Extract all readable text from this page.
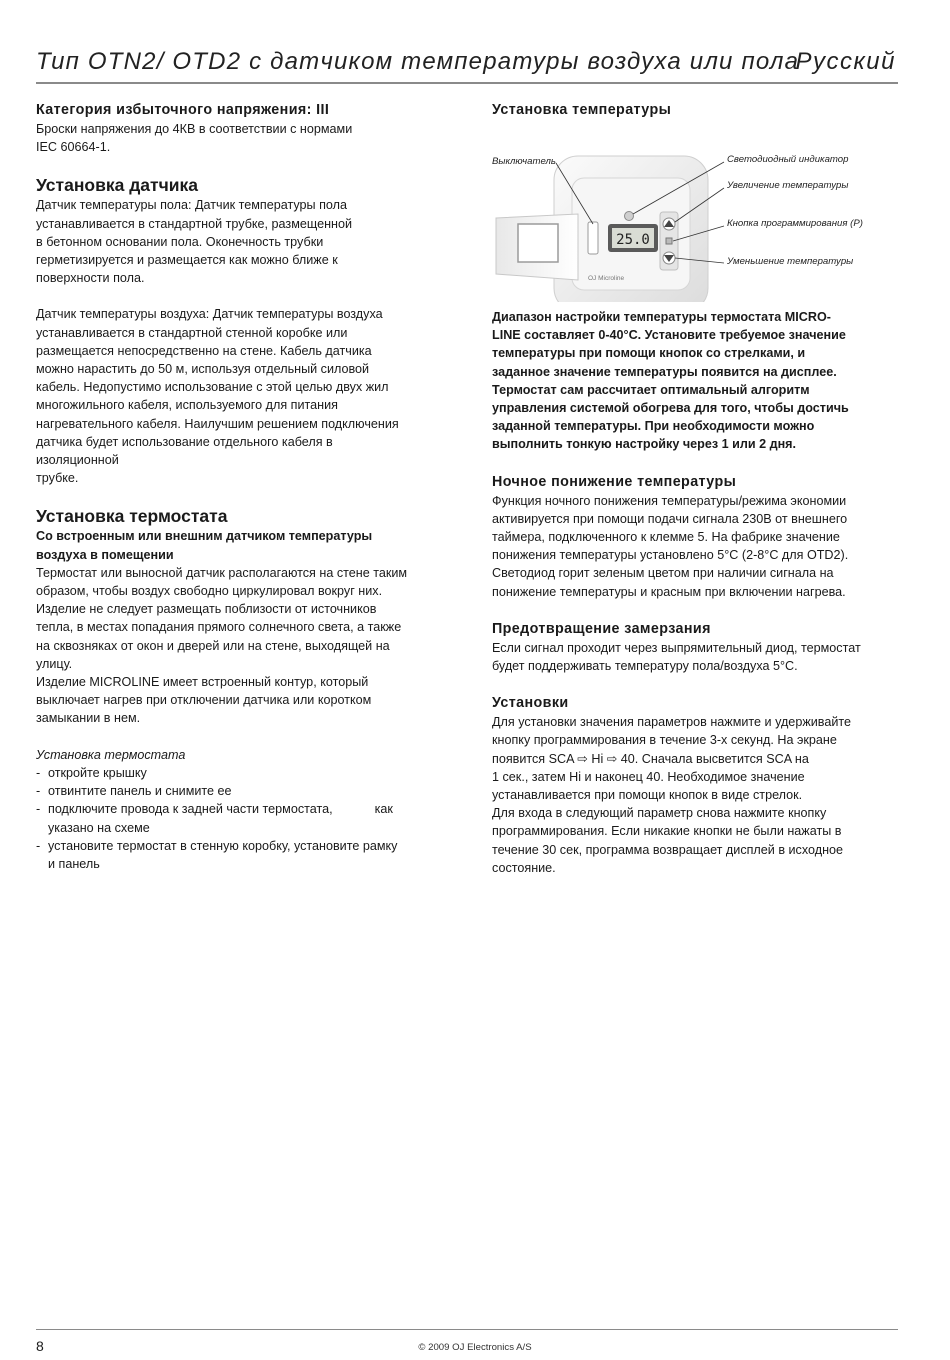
Тип OTN2/ OTD2 с датчиком температуры воздуха или пола
Русский

Категория избыточного напряжения: III

Броски напряжения до 4КВ в соответствии с нормами
IEC 60664-1.

Установка датчика

Датчик температуры пола: Датчик температуры пола
устанавливается в стандартной трубке, размещенной
в бетонном основании пола. Оконечность трубки
герметизируется и размещается как можно ближе к
поверхности пола.
Датчик температуры воздуха: Датчик температуры воздуха
устанавливается в стандартной стенной коробке или
размещается непосредственно на стене. Кабель датчика
можно нарастить до 50 м, используя отдельный силовой
кабель. Недопустимо использование с этой целью двух жил
многожильного кабеля, используемого для питания
нагревательного кабеля. Наилучшим решением подключения
датчика будет использование отдельного кабеля в
изоляционной
трубке.

Установка термостата

Со встроенным или внешним датчиком температуры
воздуха в помещении
Термостат или выносной датчик располагаются на стене таким
образом, чтобы воздух свободно циркулировал вокруг них.
Изделие не следует размещать поблизости от источников
тепла, в местах попадания прямого солнечного света, а также
на сквозняках от окон и дверей или на стене, выходящей на
улицу.
Изделие MICROLINE имеет встроенный контур, который
выключает нагрев при отключении датчика или коротком
замыкании в нем.
Установка термостата
- откройте крышку
- отвинтите панель и снимите ее
- подключите провода к задней части термостата,            как
указано на схеме
- установите термостат в стенную коробку, установите рамку
и панель

Установка температуры

25.0
OJ Microline
Выключатель	Светодиодный индикатор
Увеличение температуры
Кнопка программирования (P)
Уменьшение температуры
Диапазон настройки температуры термостата MICRO-
LINE составляет 0-40°C. Установите требуемое значение
температуры при помощи кнопок со стрелками, и
заданное значение температуры появится на дисплее.
Термостат сам рассчитает оптимальный алгоритм
управления системой обогрева для того, чтобы достичь
заданной температуры. При необходимости можно
выполнить тонкую настройку через 1 или 2 дня.

Ночное понижение температуры

Функция ночного понижения температуры/режима экономии
активируется при помощи подачи сигнала 230В от внешнего
таймера, подключенного к клемме 5. На фабрике значение
понижения температуры установлено 5°C (2-8°C для OTD2).
Светодиод горит зеленым цветом при наличии сигнала на
понижение температуры и красным при включении нагрева.

Предотвращение замерзания

Если сигнал проходит через выпрямительный диод, термостат
будет поддерживать температуру пола/воздуха 5°C.

Установки

Для установки значения параметров нажмите и удерживайте
кнопку программирования в течение 3-х секунд. На экране
появится SCA ⇨ Hi ⇨ 40. Сначала высветится SCA на
1 сек., затем Hi и наконец 40. Необходимое значение
устанавливается при помощи кнопок в виде стрелок.
Для входа в следующий параметр снова нажмите кнопку
программирования. Если никакие кнопки не были нажаты в
течение 30 сек, программа возвращает дисплей в исходное
состояние.
8	© 2009 OJ Electronics A/S
